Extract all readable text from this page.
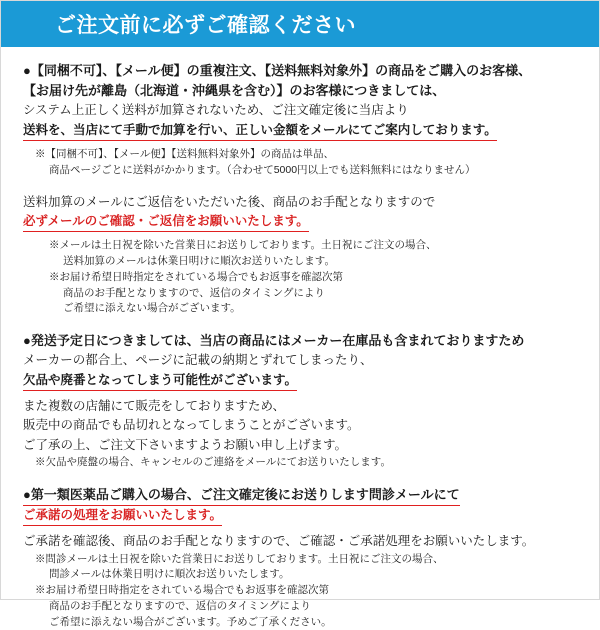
ご注文前に必ずご確認ください
●【同梱不可】、【メール便】の重複注文、【送料無料対象外】の商品をご購入のお客様、
【お届け先が離島（北海道・沖縄県を含む）】のお客様につきましては、
システム上正しく送料が加算されないため、ご注文確定後に当店より
送料を、当店にて手動で加算を行い、正しい金額をメールにてご案内しております。
※【同梱不可】、【メール便】【送料無料対象外】の商品は単品、
商品ページごとに送料がかかります。（合わせて5000円以上でも送料無料にはなりません）
送料加算のメールにご返信をいただいた後、商品のお手配となりますので
必ずメールのご確認・ご返信をお願いいたします。
※メールは土日祝を除いた営業日にお送りしております。土日祝にご注文の場合、
送料加算のメールは休業日明けに順次お送りいたします。
※お届け希望日時指定をされている場合でもお返事を確認次第
商品のお手配となりますので、返信のタイミングにより
ご希望に添えない場合がございます。
●発送予定日につきましては、当店の商品にはメーカー在庫品も含まれておりますため
メーカーの都合上、ページに記載の納期とずれてしまったり、
欠品や廃番となってしまう可能性がございます。
また複数の店舗にて販売をしておりますため、
販売中の商品でも品切れとなってしまうことがございます。
ご了承の上、ご注文下さいますようお願い申し上げます。
※欠品や廃盤の場合、キャンセルのご連絡をメールにてお送りいたします。
●第一類医薬品ご購入の場合、ご注文確定後にお送りします問診メールにて ご承諾の処理をお願いいたします。
ご承諾を確認後、商品のお手配となりますので、ご確認・ご承諾処理をお願いいたします。
※問診メールは土日祝を除いた営業日にお送りしております。土日祝にご注文の場合、
問診メールは休業日明けに順次お送りいたします。
※お届け希望日時指定をされている場合でもお返事を確認次第
商品のお手配となりますので、返信のタイミングにより
ご希望に添えない場合がございます。予めご了承ください。
